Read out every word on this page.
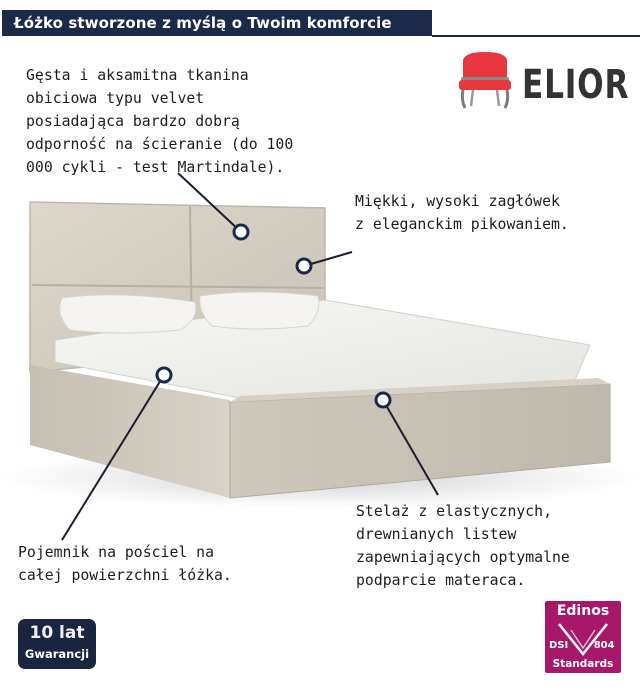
Łóżko stworzone z myślą o Twoim komforcie
ELIOR
Gęsta i aksamitna tkanina
obiciowa typu velvet
posiadająca bardzo dobrą
odporność na ścieranie (do 100
000 cykli - test Martindale).
Miękki, wysoki zagłówek
z eleganckim pikowaniem.
Pojemnik na pościel na
całej powierzchni łóżka.
Stelaż z elastycznych,
drewnianych listew
zapewniających optymalne
podparcie materaca.
10 lat
Gwarancji
Edinos
DSI	804
Standards
